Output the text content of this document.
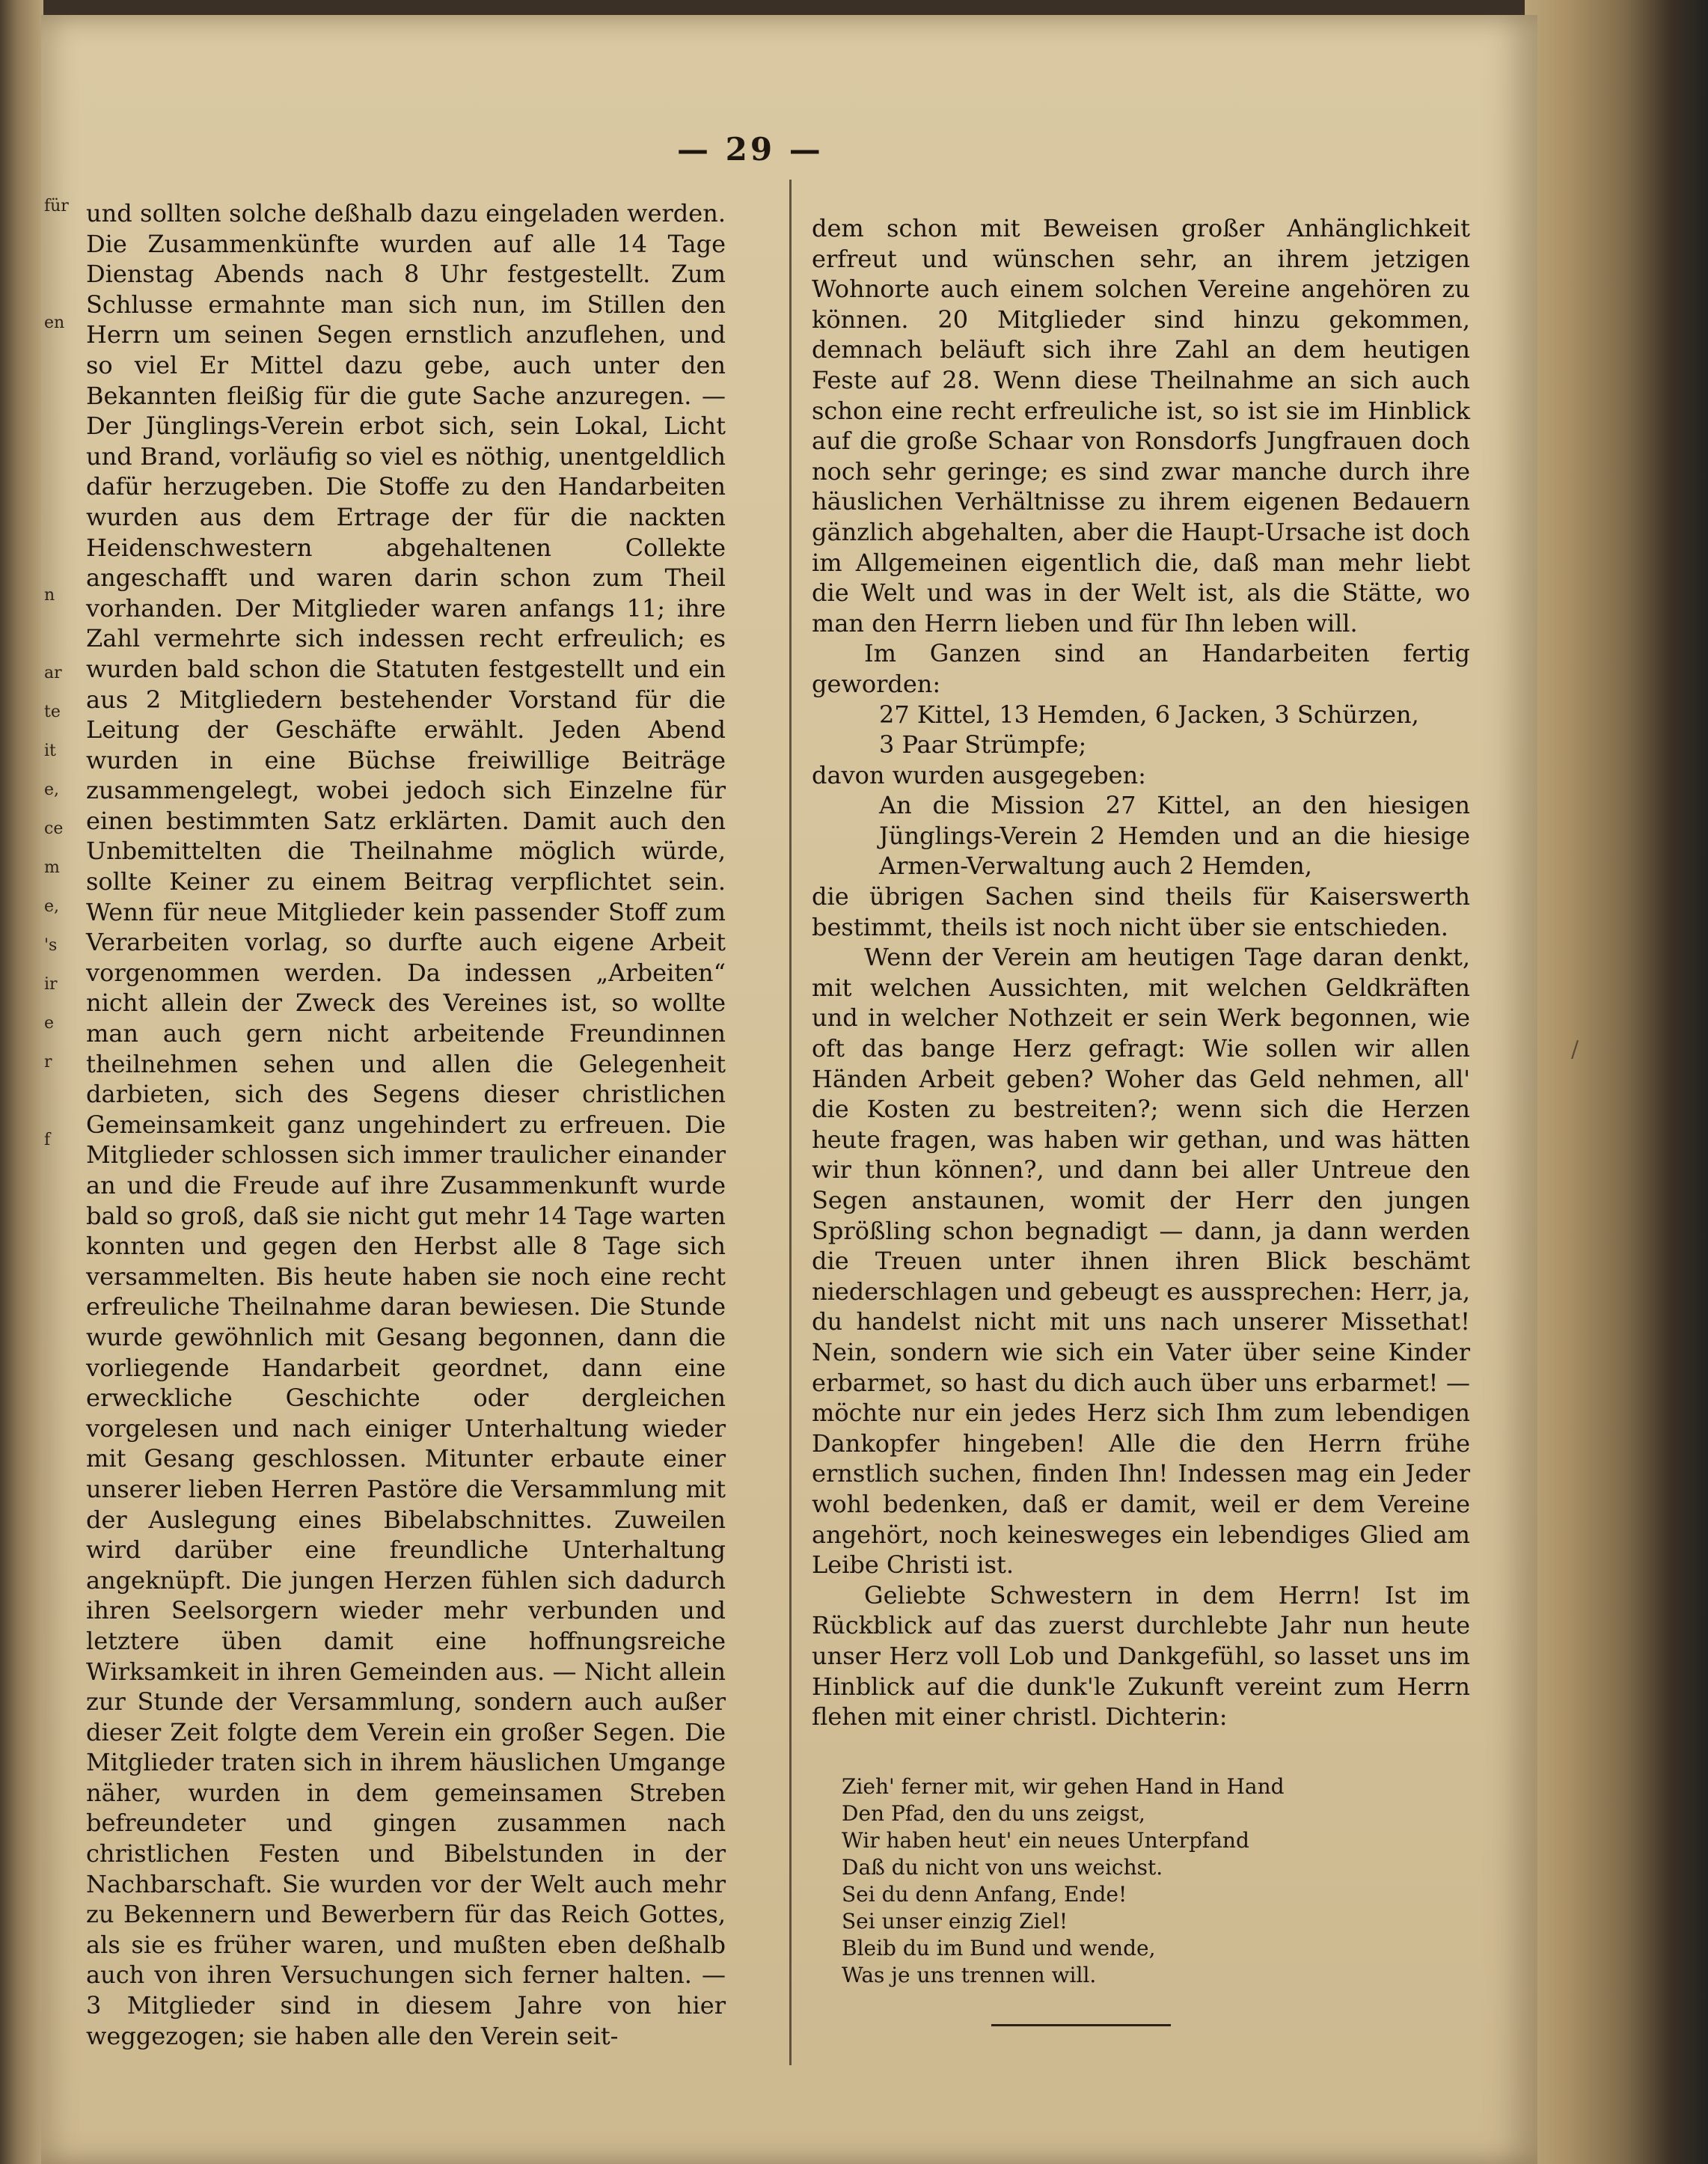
für

en

n

ar
te
it
e,
ce
m
e,
's
ir
e
r

f
— 29 —

und sollten solche deßhalb dazu eingeladen werden. Die Zusammenkünfte wurden auf alle 14 Tage Dienstag Abends nach 8 Uhr festgestellt. Zum Schlusse ermahnte man sich nun, im Stillen den Herrn um seinen Segen ernstlich anzuflehen, und so viel Er Mittel dazu gebe, auch unter den Bekannten fleißig für die gute Sache anzuregen. — Der Jünglings-Verein erbot sich, sein Lokal, Licht und Brand, vorläufig so viel es nöthig, unentgeldlich dafür herzugeben. Die Stoffe zu den Handarbeiten wurden aus dem Ertrage der für die nackten Heidenschwestern abgehaltenen Collekte angeschafft und waren darin schon zum Theil vorhanden. Der Mitglieder waren anfangs 11; ihre Zahl vermehrte sich indessen recht erfreulich; es wurden bald schon die Statuten festgestellt und ein aus 2 Mitgliedern bestehender Vorstand für die Leitung der Geschäfte erwählt. Jeden Abend wurden in eine Büchse freiwillige Beiträge zusammengelegt, wobei jedoch sich Einzelne für einen bestimmten Satz erklärten. Damit auch den Unbemittelten die Theilnahme möglich würde, sollte Keiner zu einem Beitrag verpflichtet sein. Wenn für neue Mitglieder kein passender Stoff zum Verarbeiten vorlag, so durfte auch eigene Arbeit vorgenommen werden. Da indessen „Arbeiten“ nicht allein der Zweck des Vereines ist, so wollte man auch gern nicht arbeitende Freundinnen theilnehmen sehen und allen die Gelegenheit darbieten, sich des Segens dieser christlichen Gemeinsamkeit ganz ungehindert zu erfreuen. Die Mitglieder schlossen sich immer traulicher einander an und die Freude auf ihre Zusammenkunft wurde bald so groß, daß sie nicht gut mehr 14 Tage warten konnten und gegen den Herbst alle 8 Tage sich versammelten. Bis heute haben sie noch eine recht erfreuliche Theilnahme daran bewiesen. Die Stunde wurde gewöhnlich mit Gesang begonnen, dann die vorliegende Handarbeit geordnet, dann eine erweckliche Geschichte oder dergleichen vorgelesen und nach einiger Unterhaltung wieder mit Gesang geschlossen. Mitunter erbaute einer unserer lieben Herren Pastöre die Versammlung mit der Auslegung eines Bibelabschnittes. Zuweilen wird darüber eine freundliche Unterhaltung angeknüpft. Die jungen Herzen fühlen sich dadurch ihren Seelsorgern wieder mehr verbunden und letztere üben damit eine hoffnungsreiche Wirksamkeit in ihren Gemeinden aus. — Nicht allein zur Stunde der Versammlung, sondern auch außer dieser Zeit folgte dem Verein ein großer Segen. Die Mitglieder traten sich in ihrem häuslichen Umgange näher, wurden in dem gemeinsamen Streben befreundeter und gingen zusammen nach christlichen Festen und Bibelstunden in der Nachbarschaft. Sie wurden vor der Welt auch mehr zu Bekennern und Bewerbern für das Reich Gottes, als sie es früher waren, und mußten eben deßhalb auch von ihren Versuchungen sich ferner halten. — 3 Mitglieder sind in diesem Jahre von hier weggezogen; sie haben alle den Verein seit-

dem schon mit Beweisen großer Anhänglichkeit erfreut und wünschen sehr, an ihrem jetzigen Wohnorte auch einem solchen Vereine angehören zu können. 20 Mitglieder sind hinzu gekommen, demnach beläuft sich ihre Zahl an dem heutigen Feste auf 28. Wenn diese Theilnahme an sich auch schon eine recht erfreuliche ist, so ist sie im Hinblick auf die große Schaar von Ronsdorfs Jungfrauen doch noch sehr geringe; es sind zwar manche durch ihre häuslichen Verhältnisse zu ihrem eigenen Bedauern gänzlich abgehalten, aber die Haupt-Ursache ist doch im Allgemeinen eigentlich die, daß man mehr liebt die Welt und was in der Welt ist, als die Stätte, wo man den Herrn lieben und für Ihn leben will.

Im Ganzen sind an Handarbeiten fertig geworden:

27 Kittel, 13 Hemden, 6 Jacken, 3 Schürzen,
3 Paar Strümpfe;

davon wurden ausgegeben:

An die Mission 27 Kittel, an den hiesigen Jünglings-Verein 2 Hemden und an die hiesige Armen-Verwaltung auch 2 Hemden,

die übrigen Sachen sind theils für Kaiserswerth bestimmt, theils ist noch nicht über sie entschieden.

Wenn der Verein am heutigen Tage daran denkt, mit welchen Aussichten, mit welchen Geldkräften und in welcher Nothzeit er sein Werk begonnen, wie oft das bange Herz gefragt: Wie sollen wir allen Händen Arbeit geben? Woher das Geld nehmen, all' die Kosten zu bestreiten?; wenn sich die Herzen heute fragen, was haben wir gethan, und was hätten wir thun können?, und dann bei aller Untreue den Segen anstaunen, womit der Herr den jungen Sprößling schon begnadigt — dann, ja dann werden die Treuen unter ihnen ihren Blick beschämt niederschlagen und gebeugt es aussprechen: Herr, ja, du handelst nicht mit uns nach unserer Missethat! Nein, sondern wie sich ein Vater über seine Kinder erbarmet, so hast du dich auch über uns erbarmet! — möchte nur ein jedes Herz sich Ihm zum lebendigen Dankopfer hingeben! Alle die den Herrn frühe ernstlich suchen, finden Ihn! Indessen mag ein Jeder wohl bedenken, daß er damit, weil er dem Vereine angehört, noch keinesweges ein lebendiges Glied am Leibe Christi ist.

Geliebte Schwestern in dem Herrn! Ist im Rückblick auf das zuerst durchlebte Jahr nun heute unser Herz voll Lob und Dankgefühl, so lasset uns im Hinblick auf die dunk'le Zukunft vereint zum Herrn flehen mit einer christl. Dichterin:

/
Zieh' ferner mit, wir gehen Hand in Hand
Den Pfad, den du uns zeigst,
Wir haben heut' ein neues Unterpfand
Daß du nicht von uns weichst.
Sei du denn Anfang, Ende!
Sei unser einzig Ziel!
Bleib du im Bund und wende,
Was je uns trennen will.
